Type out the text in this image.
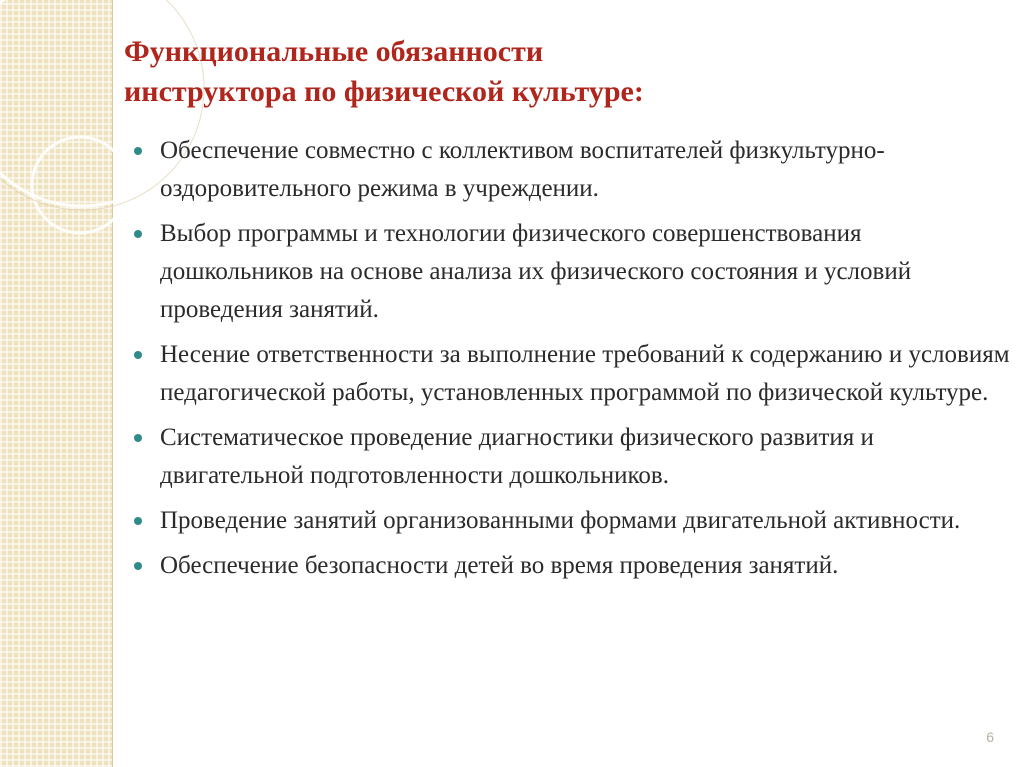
Функциональные обязанности
инструктора по физической культуре:
Обеспечение совместно с коллективом воспитателей физкультурно-оздоровительного режима в учреждении.
Выбор программы и технологии физического совершенствования дошкольников на основе анализа их физического состояния и условий проведения занятий.
Несение ответственности за выполнение требований к содержанию и условиям педагогической работы, установленных программой по физической культуре.
Систематическое проведение диагностики физического развития и двигательной подготовленности дошкольников.
Проведение занятий организованными формами двигательной активности.
Обеспечение безопасности детей во время проведения занятий.
6
